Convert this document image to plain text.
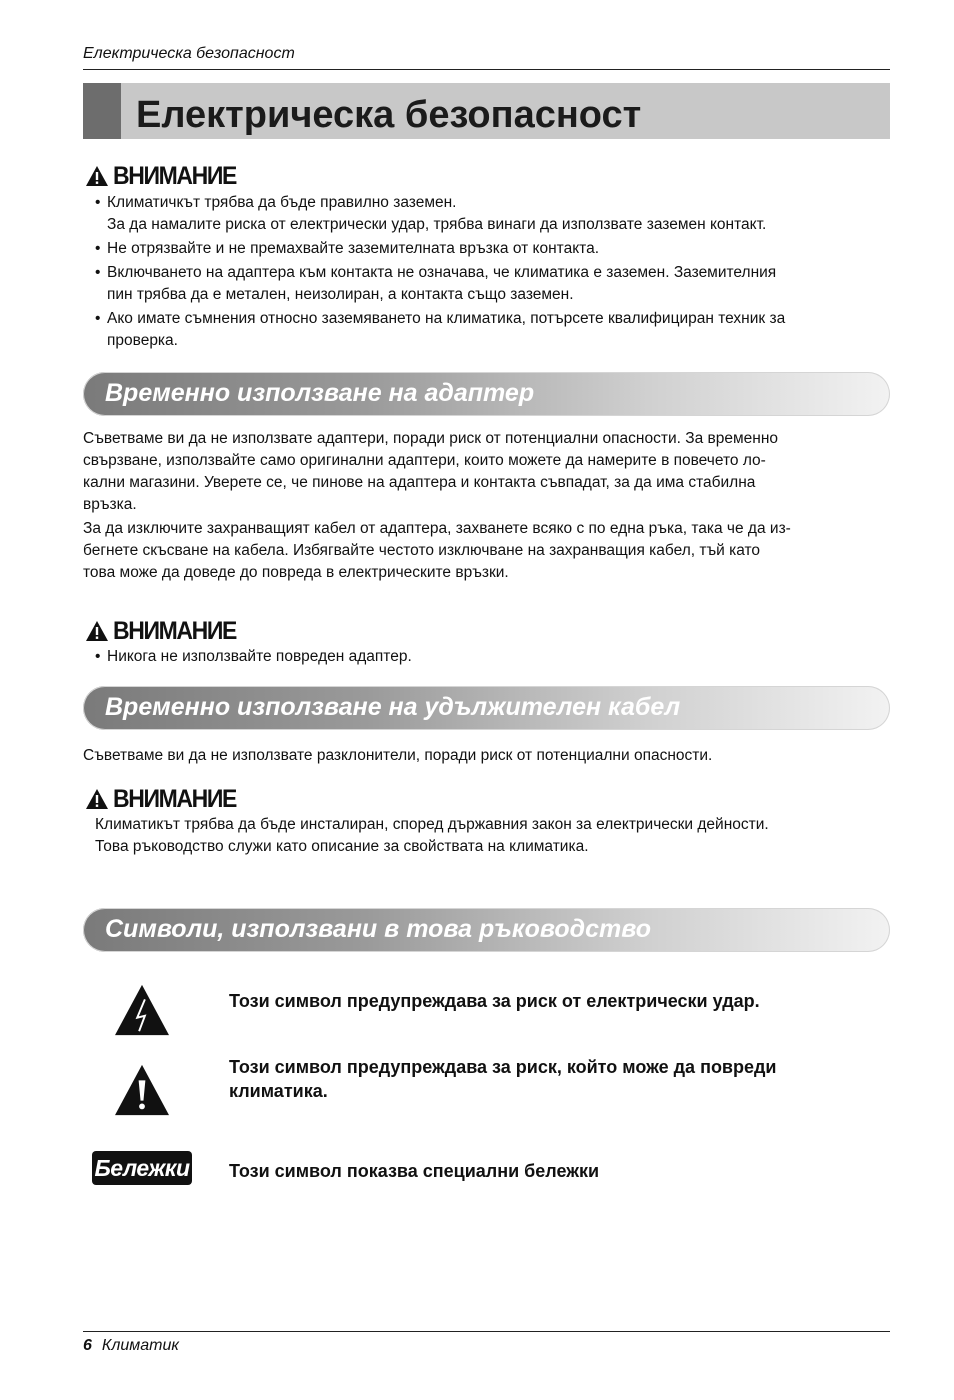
Електрическа безопасност
Електрическа безопасност
ВНИМАНИЕ
• Климатичкът трябва да бъде правилно заземен.
За да намалите риска от електрически удар, трябва винаги да използвате заземен контакт.
• Не отрязвайте и не премахвайте заземителната връзка от контакта.
• Включването на адаптера към контакта не означава, че климатика е заземен. Заземителния
пин трябва да е метален, неизолиран, а контакта също заземен.
• Ако имате съмнения относно заземяването на климатика, потърсете квалифициран техник за
проверка.
Временно използване на адаптер
Съветваме ви да не използвате адаптери, поради риск от потенциални опасности. За временно
свързване, използвайте само оригинални адаптери, които можете да намерите в повечето ло-
кални магазини. Уверете се, че пинове на адаптера и контакта съвпадат, за да има стабилна
връзка.
За да изключите захранващият кабел от адаптера, захванете всяко с по една ръка, така че да из-
бегнете скъсване на кабела. Избягвайте честото изключване на захранващия кабел, тъй като
това може да доведе до повреда в електрическите връзки.
ВНИМАНИЕ
• Никога не използвайте повреден адаптер.
Временно използване на удължителен кабел
Съветваме ви да не използвате разклонители, поради риск от потенциални опасности.
ВНИМАНИЕ
Климатикът трябва да бъде инсталиран, според държавния закон за електрически дейности.
Това ръководство служи като описание за свойствата на климатика.
Символи, използвани в това ръководство
Този символ предупреждава за риск от електрически удар.
Този символ предупреждава за риск, който може да повреди
климатика.
Бележки Този символ показва специални бележки
6 Климатик
